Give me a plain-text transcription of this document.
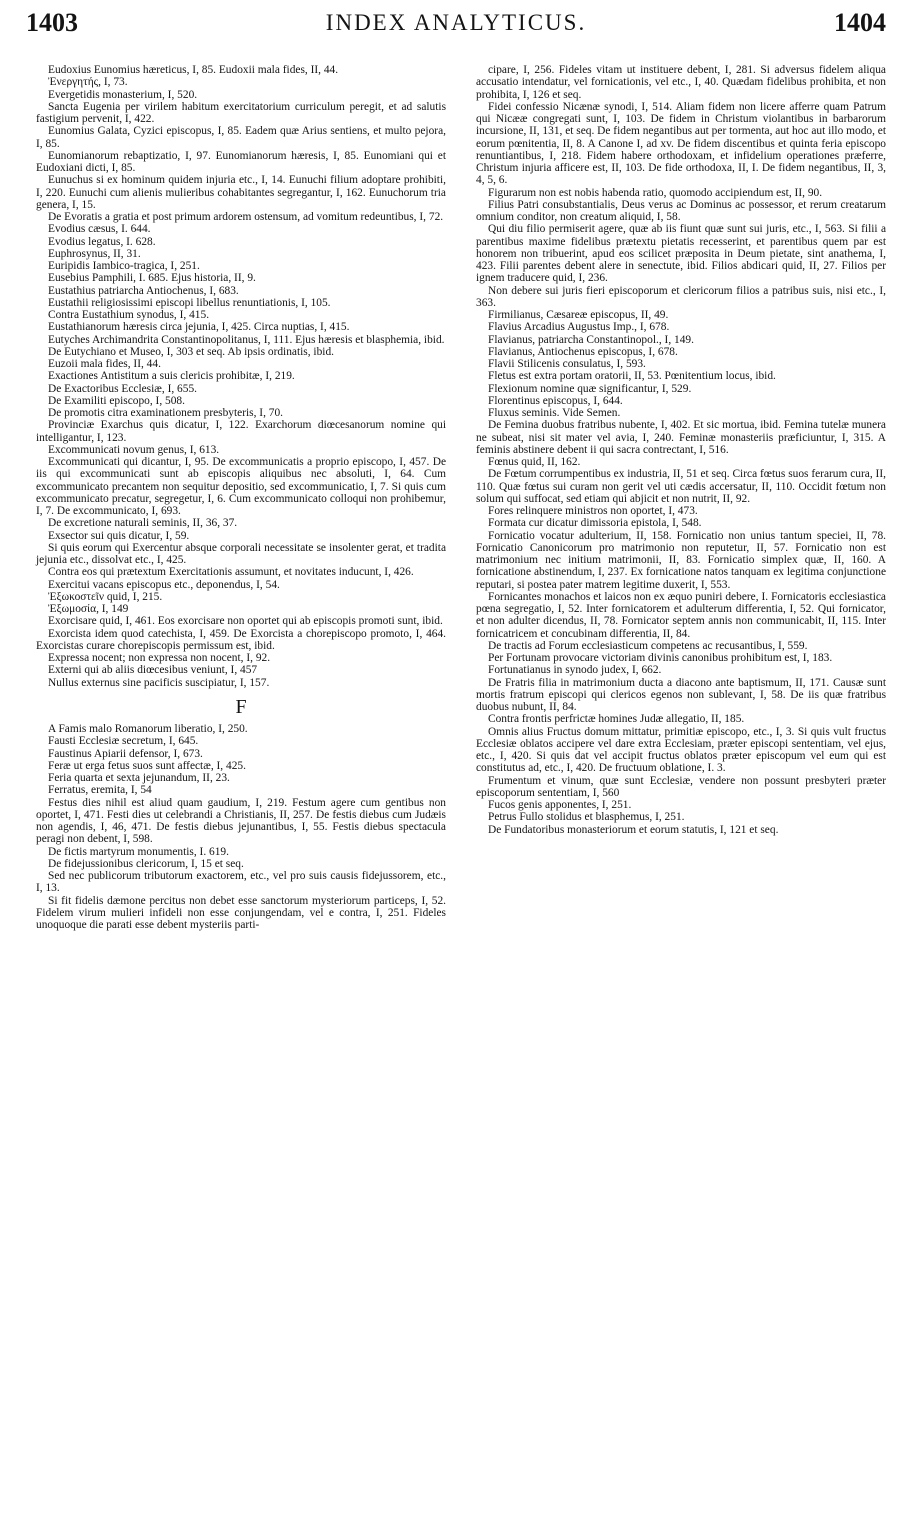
1403	INDEX ANALYTICUS.	1404

Eudoxius Eunomius hæreticus, I, 85. Eudoxii mala fides, II, 44.

Ἐνεργητής, I, 73.

Evergetidis monasterium, I, 520.

Sancta Eugenia per virilem habitum exercitatorium curriculum peregit, et ad salutis fastigium pervenit, I, 422.

Eunomius Galata, Cyzici episcopus, I, 85. Eadem quæ Arius sentiens, et multo pejora, I, 85.

Eunomianorum rebaptizatio, I, 97. Eunomianorum hæresis, I, 85. Eunomiani qui et Eudoxiani dicti, I, 85.

Eunuchus si ex hominum quidem injuria etc., I, 14. Eunuchi filium adoptare prohibiti, I, 220. Eunuchi cum alienis mulieribus cohabitantes segregantur, I, 162. Eunuchorum tria genera, I, 15.

De Evoratis a gratia et post primum ardorem ostensum, ad vomitum redeuntibus, I, 72.

Evodius cæsus, I. 644.

Evodius legatus, I. 628.

Euphrosynus, II, 31.

Euripidis Iambico-tragica, I, 251.

Eusebius Pamphili, I. 685. Ejus historia, II, 9.

Eustathius patriarcha Antiochenus, I, 683.

Eustathii religiosissimi episcopi libellus renuntiationis, I, 105.

Contra Eustathium synodus, I, 415.

Eustathianorum hæresis circa jejunia, I, 425. Circa nuptias, I, 415.

Eutyches Archimandrita Constantinopolitanus, I, 111. Ejus hæresis et blasphemia, ibid.

De Eutychiano et Museo, I, 303 et seq. Ab ipsis ordinatis, ibid.

Euzoii mala fides, II, 44.

Exactiones Antistitum a suis clericis prohibitæ, I, 219.

De Exactoribus Ecclesiæ, I, 655.

De Examiliti episcopo, I, 508.

De promotis citra examinationem presbyteris, I, 70.

Provinciæ Exarchus quis dicatur, I, 122. Exarchorum diœcesanorum nomine qui intelligantur, I, 123.

Excommunicati novum genus, I, 613.

Excommunicati qui dicantur, I, 95. De excommunicatis a proprio episcopo, I, 457. De iis qui excommunicati sunt ab episcopis aliquibus nec absoluti, I, 64. Cum excommunicato precantem non sequitur depositio, sed excommunicatio, I, 7. Si quis cum excommunicato precatur, segregetur, I, 6. Cum excommunicato colloqui non prohibemur, I, 7. De excommunicato, I, 693.

De excretione naturali seminis, II, 36, 37.

Exsector sui quis dicatur, I, 59.

Si quis eorum qui Exercentur absque corporali necessitate se insolenter gerat, et tradita jejunia etc., dissolvat etc., I, 425.

Contra eos qui prætextum Exercitationis assumunt, et novitates inducunt, I, 426.

Exercitui vacans episcopus etc., deponendus, I, 54.

Ἐξωκοστεῖν quid, I, 215.

Ἐξωμοσία, I, 149

Exorcisare quid, I, 461. Eos exorcisare non oportet qui ab episcopis promoti sunt, ibid.

Exorcista idem quod catechista, I, 459. De Exorcista a chorepiscopo promoto, I, 464. Exorcistas curare chorepiscopis permissum est, ibid.

Expressa nocent; non expressa non nocent, I, 92.

Externi qui ab aliis diœcesibus veniunt, I, 457

Nullus externus sine pacificis suscipiatur, I, 157.

F

A Famis malo Romanorum liberatio, I, 250.

Fausti Ecclesiæ secretum, I, 645.

Faustinus Apiarii defensor, I, 673.

Feræ ut erga fetus suos sunt affectæ, I, 425.

Feria quarta et sexta jejunandum, II, 23.

Ferratus, eremita, I, 54

Festus dies nihil est aliud quam gaudium, I, 219. Festum agere cum gentibus non oportet, I, 471. Festi dies ut celebrandi a Christianis, II, 257. De festis diebus cum Judæis non agendis, I, 46, 471. De festis diebus jejunantibus, I, 55. Festis diebus spectacula peragi non debent, I, 598.

De fictis martyrum monumentis, I. 619.

De fidejussionibus clericorum, I, 15 et seq.

Sed nec publicorum tributorum exactorem, etc., vel pro suis causis fidejussorem, etc., I, 13.

Si fit fidelis dæmone percitus non debet esse sanctorum mysteriorum particeps, I, 52. Fidelem virum mulieri infideli non esse conjungendam, vel e contra, I, 251. Fideles unoquoque die parati esse debent mysteriis parti-

cipare, I, 256. Fideles vitam ut instituere debent, I, 281. Si adversus fidelem aliqua accusatio intendatur, vel fornicationis, vel etc., I, 40. Quædam fidelibus prohibita, et non prohibita, I, 126 et seq.

Fidei confessio Nicænæ synodi, I, 514. Aliam fidem non licere afferre quam Patrum qui Nicææ congregati sunt, I, 103. De fidem in Christum violantibus in barbarorum incursione, II, 131, et seq. De fidem negantibus aut per tormenta, aut hoc aut illo modo, et eorum pœnitentia, II, 8. A Canone I, ad xv. De fidem discentibus et quinta feria episcopo renuntiantibus, I, 218. Fidem habere orthodoxam, et infidelium operationes præferre, Christum injuria afficere est, II, 103. De fide orthodoxa, II, I. De fidem negantibus, II, 3, 4, 5, 6.

Figurarum non est nobis habenda ratio, quomodo accipiendum est, II, 90.

Filius Patri consubstantialis, Deus verus ac Dominus ac possessor, et rerum creatarum omnium conditor, non creatum aliquid, I, 58.

Qui diu filio permiserit agere, quæ ab iis fiunt quæ sunt sui juris, etc., I, 563. Si filii a parentibus maxime fidelibus prætextu pietatis recesserint, et parentibus quem par est honorem non tribuerint, apud eos scilicet præposita in Deum pietate, sint anathema, I, 423. Filii parentes debent alere in senectute, ibid. Filios abdicari quid, II, 27. Filios per ignem traducere quid, I, 236.

Non debere sui juris fieri episcoporum et clericorum filios a patribus suis, nisi etc., I, 363.

Firmilianus, Cæsareæ episcopus, II, 49.

Flavius Arcadius Augustus Imp., I, 678.

Flavianus, patriarcha Constantinopol., I, 149.

Flavianus, Antiochenus episcopus, I, 678.

Flavii Stilicenis consulatus, I, 593.

Fletus est extra portam oratorii, II, 53. Pœnitentium locus, ibid.

Flexionum nomine quæ significantur, I, 529.

Florentinus episcopus, I, 644.

Fluxus seminis. Vide Semen.

De Femina duobus fratribus nubente, I, 402. Et sic mortua, ibid. Femina tutelæ munera ne subeat, nisi sit mater vel avia, I, 240. Feminæ monasteriis præficiuntur, I, 315. A feminis abstinere debent ii qui sacra contrectant, I, 516.

Fœnus quid, II, 162.

De Fœtum corrumpentibus ex industria, II, 51 et seq. Circa fœtus suos ferarum cura, II, 110. Quæ fœtus sui curam non gerit vel uti cædis accersatur, II, 110. Occidit fœtum non solum qui suffocat, sed etiam qui abjicit et non nutrit, II, 92.

Fores relinquere ministros non oportet, I, 473.

Formata cur dicatur dimissoria epistola, I, 548.

Fornicatio vocatur adulterium, II, 158. Fornicatio non unius tantum speciei, II, 78. Fornicatio Canonicorum pro matrimonio non reputetur, II, 57. Fornicatio non est matrimonium nec initium matrimonii, II, 83. Fornicatio simplex quæ, II, 160. A fornicatione abstinendum, I, 237. Ex fornicatione natos tanquam ex legitima conjunctione reputari, si postea pater matrem legitime duxerit, I, 553.

Fornicantes monachos et laicos non ex æquo puniri debere, I. Fornicatoris ecclesiastica pœna segregatio, I, 52. Inter fornicatorem et adulterum differentia, I, 52. Qui fornicator, et non adulter dicendus, II, 78. Fornicator septem annis non communicabit, II, 115. Inter fornicatricem et concubinam differentia, II, 84.

De tractis ad Forum ecclesiasticum competens ac recusantibus, I, 559.

Per Fortunam provocare victoriam divinis canonibus prohibitum est, I, 183.

Fortunatianus in synodo judex, I, 662.

De Fratris filia in matrimonium ducta a diacono ante baptismum, II, 171. Causæ sunt mortis fratrum episcopi qui clericos egenos non sublevant, I, 58. De iis quæ fratribus duobus nubunt, II, 84.

Contra frontis perfrictæ homines Judæ allegatio, II, 185.

Omnis alius Fructus domum mittatur, primitiæ episcopo, etc., I, 3. Si quis vult fructus Ecclesiæ oblatos accipere vel dare extra Ecclesiam, præter episcopi sententiam, vel ejus, etc., I, 420. Si quis dat vel accipit fructus oblatos præter episcopum vel eum qui est constitutus ad, etc., I, 420. De fructuum oblatione, I. 3.

Frumentum et vinum, quæ sunt Ecclesiæ, vendere non possunt presbyteri præter episcoporum sententiam, I, 560

Fucos genis apponentes, I, 251.

Petrus Fullo stolidus et blasphemus, I, 251.

De Fundatoribus monasteriorum et eorum statutis, I, 121 et seq.
